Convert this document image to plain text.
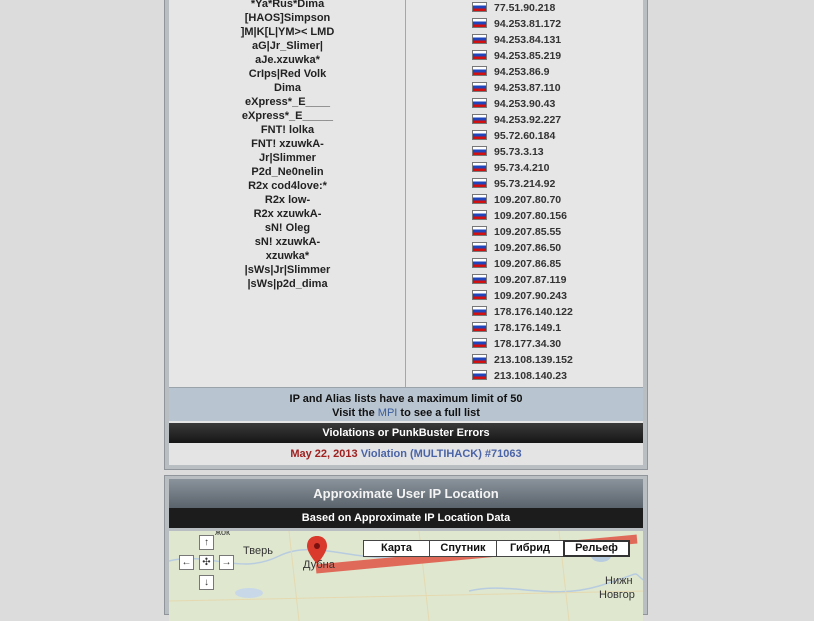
*Ya*Rus*Dima
[HAOS]Simpson
]M|K[L|YM>< LMD
aG|Jr_Slimer|
aJe.xzuwka*
CrIps|Red Volk
Dima
eXpress*_E____
eXpress*_E_____
FNT! lolka
FNT! xzuwkA-
Jr|Slimmer
P2d_Ne0nelin
R2x cod4love:*
R2x low-
R2x xzuwkA-
sN! Oleg
sN! xzuwkA-
xzuwka*
|sWs|Jr|Slimmer
|sWs|p2d_dima
77.51.90.218
94.253.81.172
94.253.84.131
94.253.85.219
94.253.86.9
94.253.87.110
94.253.90.43
94.253.92.227
95.72.60.184
95.73.3.13
95.73.4.210
95.73.214.92
109.207.80.70
109.207.80.156
109.207.85.55
109.207.86.50
109.207.86.85
109.207.87.119
109.207.90.243
178.176.140.122
178.176.149.1
178.177.34.30
213.108.139.152
213.108.140.23
IP and Alias lists have a maximum limit of 50
Visit the MPI to see a full list
Violations or PunkBuster Errors
May 22, 2013 Violation (MULTIHACK) #71063
Approximate User IP Location
Based on Approximate IP Location Data
жок
Тверь
Дубна
Нижн
Новгор
↑
←	✣	→
↓
Карта	Спутник	Гибрид	Рельеф
